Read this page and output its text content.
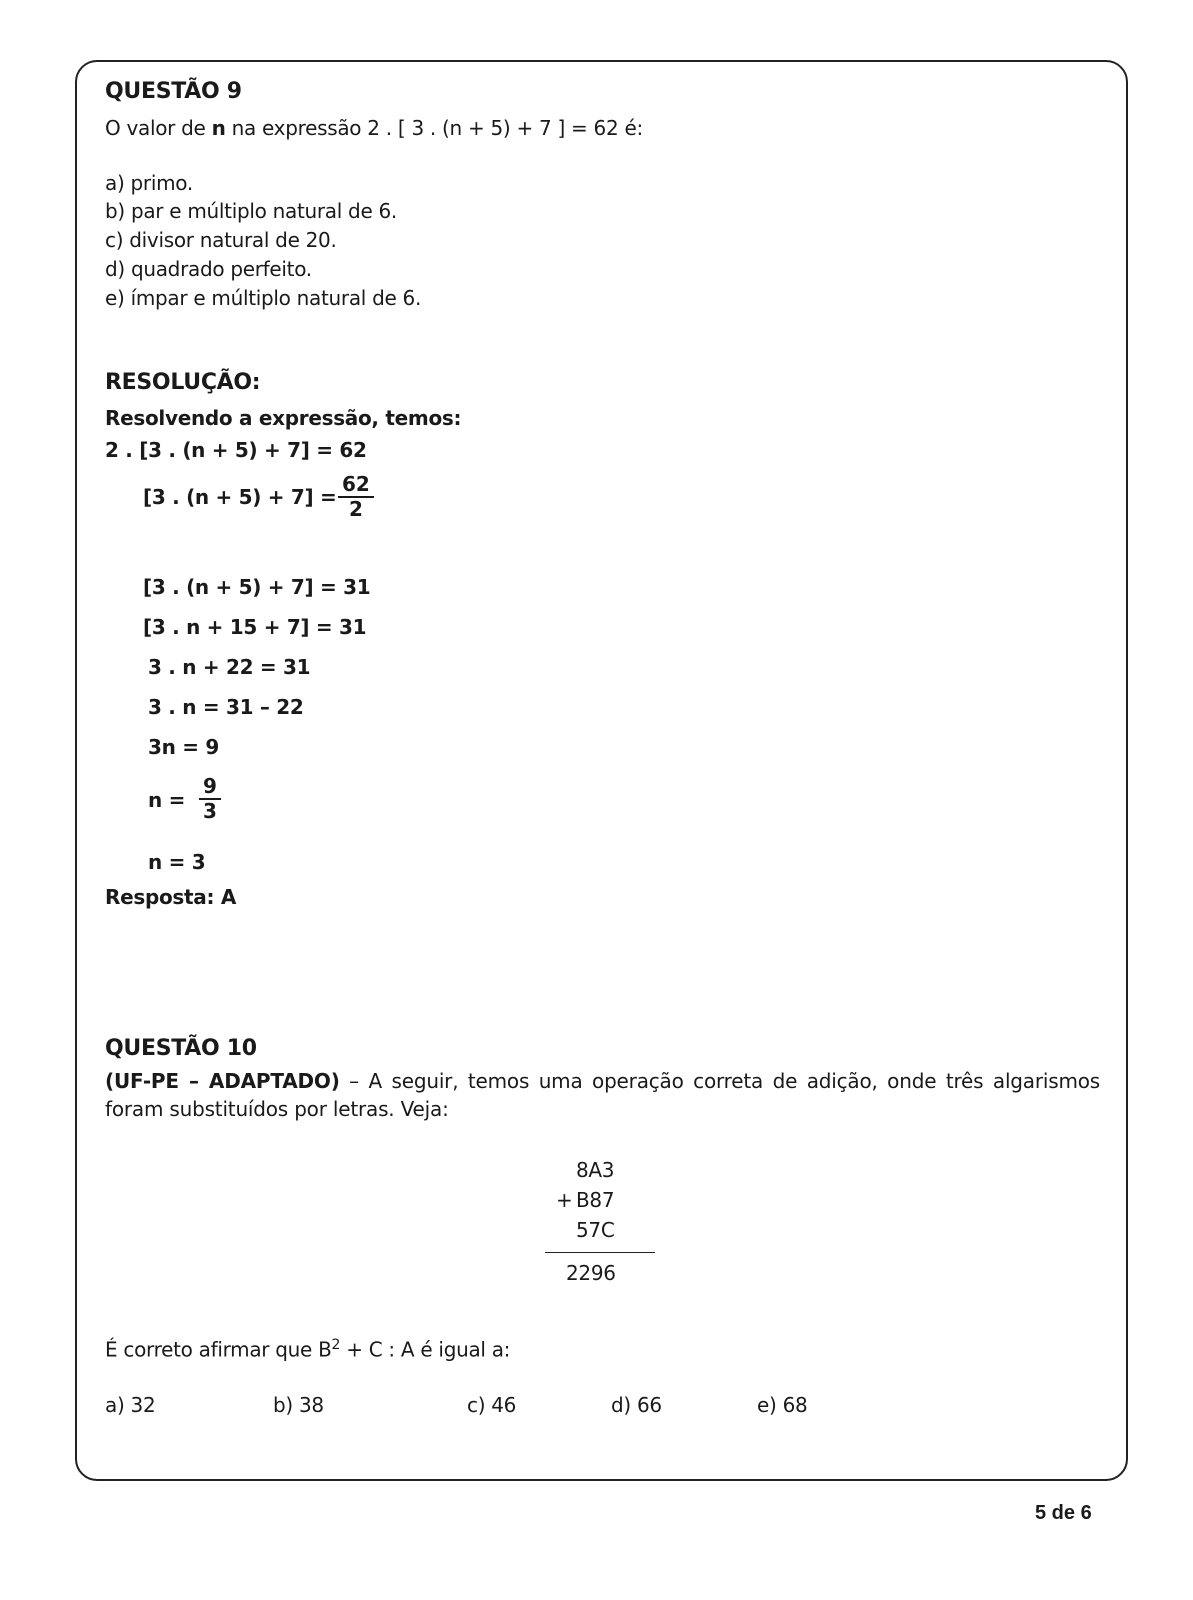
QUESTÃO 9
O valor de n na expressão 2 . [ 3 . (n + 5) + 7 ] = 62 é:
a) primo.
b) par e múltiplo natural de 6.
c) divisor natural de 20.
d) quadrado perfeito.
e) ímpar e múltiplo natural de 6.
RESOLUÇÃO:
Resolvendo a expressão, temos:
2 . [3 . (n + 5) + 7] = 62
[3 . $(n + 5) + 7] = \frac{62}{2}$
[3 . (n + 5) + 7] = 31
[3 . n + 15 + 7] = 31
3 . n + 22 = 31
3 . n = 31 – 22
3n = 9
$n = \frac{9}{3}$
n = 3
Resposta: A
QUESTÃO 10
(UF-PE – ADAPTADO) – A seguir, temos uma operação correta de adição, onde três algarismos foram substituídos por letras. Veja:
8A3
+ B87
57C
2296
É correto afirmar que $B^2 + C$ : A é igual a:
a) 32	b) 38	c) 46	d) 66	e) 68
5 de 6
